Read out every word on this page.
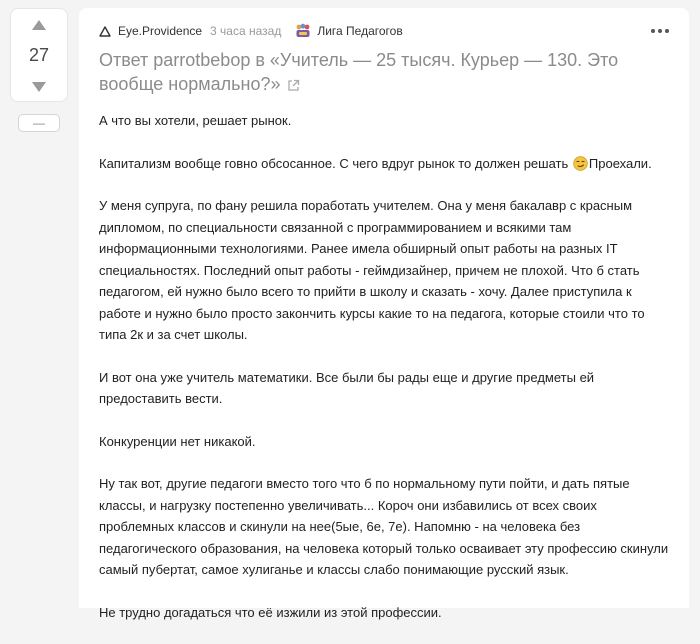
27
—
Eye.Providence 3 часа назад	Лига Педагогов
Ответ parrotbebop в «Учитель — 25 тысяч. Курьер — 130. Это вообще нормально?»

А что вы хотели, решает рынок.

Капитализм вообще говно обсосанное. С чего вдруг рынок то должен решать Проехали.

У меня супруга, по фану решила поработать учителем. Она у меня бакалавр с красным дипломом, по специальности связанной с программированием и всякими там информационными технологиями. Ранее имела обширный опыт работы на разных IT специальностях. Последний опыт работы - геймдизайнер, причем не плохой. Что б стать педагогом, ей нужно было всего то прийти в школу и сказать - хочу. Далее приступила к работе и нужно было просто закончить курсы какие то на педагога, которые стоили что то типа 2к и за счет школы.

И вот она уже учитель математики. Все были бы рады еще и другие предметы ей предоставить вести.

Конкуренции нет никакой.

Ну так вот, другие педагоги вместо того что б по нормальному пути пойти, и дать пятые классы, и нагрузку постепенно увеличивать... Короч они избавились от всех своих проблемных классов и скинули на нее(5ые, 6е, 7е). Напомню - на человека без педагогического образования, на человека который только осваивает эту профессию скинули самый пубертат, самое хулиганье и классы слабо понимающие русский язык.

Не трудно догадаться что её изжили из этой профессии.
